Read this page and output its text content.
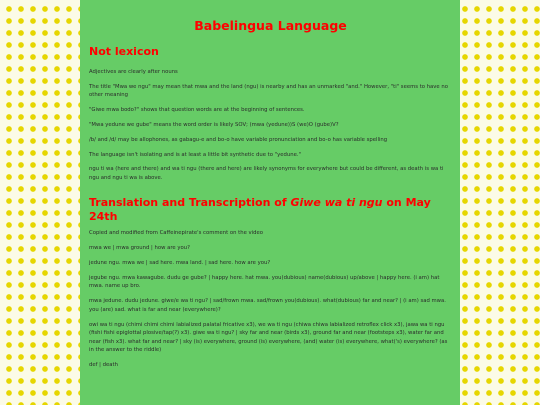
Babelingua Language
Not lexicon

Adjectives are clearly after nouns

The title "Mwa we ngu" may mean that mwa and the land (ngu) is nearby and has an unmarked "and." However, "ti" seems to have no other meaning

"Giwe mwa bodo?" shows that question words are at the beginning of sentences.

"Mwa yedune we gube" means the word order is likely SOV; (mwa (yedune))S (we)O (gube)V?

/b/ and /d/ may be allophones, as gabagu-e and bo-o have variable pronunciation and bo-o has variable spelling

The language isn't isolating and is at least a little bit synthetic due to "yedune."

ngu ti wa (here and there) and wa ti ngu (there and here) are likely synonyms for everywhere but could be different, as death is wa ti ngu and ngu ti wa is above.

Translation and Transcription of Giwe wa ti ngu on May 24th

Copied and modified from Caffeinepirate's comment on the video

mwa we | mwa ground | how are you?

jedune ngu. mwa we | sad here. mwa land. | sad here. how are you?

jegube ngu. mwa kawagube. dudu ge gube? | happy here. hat mwa. you(dubious) name(dubious) up/above | happy here. (i am) hat mwa. name up bro.

mwa jedune. dudu jedune. giwe/e wa ti ngu? | sad/frown mwa. sad/frown you(dubious). what(dubious) far and near? | (i am) sad mwa. you (are) sad. what is far and near (everywhere)?

owi wa ti ngu (chimi chimi chimi labialized palatal fricative x3), we wa ti ngu (chiwa chiwa labialized retroflex click x3), jawa wa ti ngu (fishi fishi epiglottal plosive/tap(?) x3). giwe wa ti ngu? | sky far and near (birds x3), ground far and near (footsteps x3), water far and near (fish x3). what far and near? | sky (is) everywhere, ground (is) everywhere, (and) water (is) everywhere, what('s) everywhere? (as in the answer to the riddle)

def | death
